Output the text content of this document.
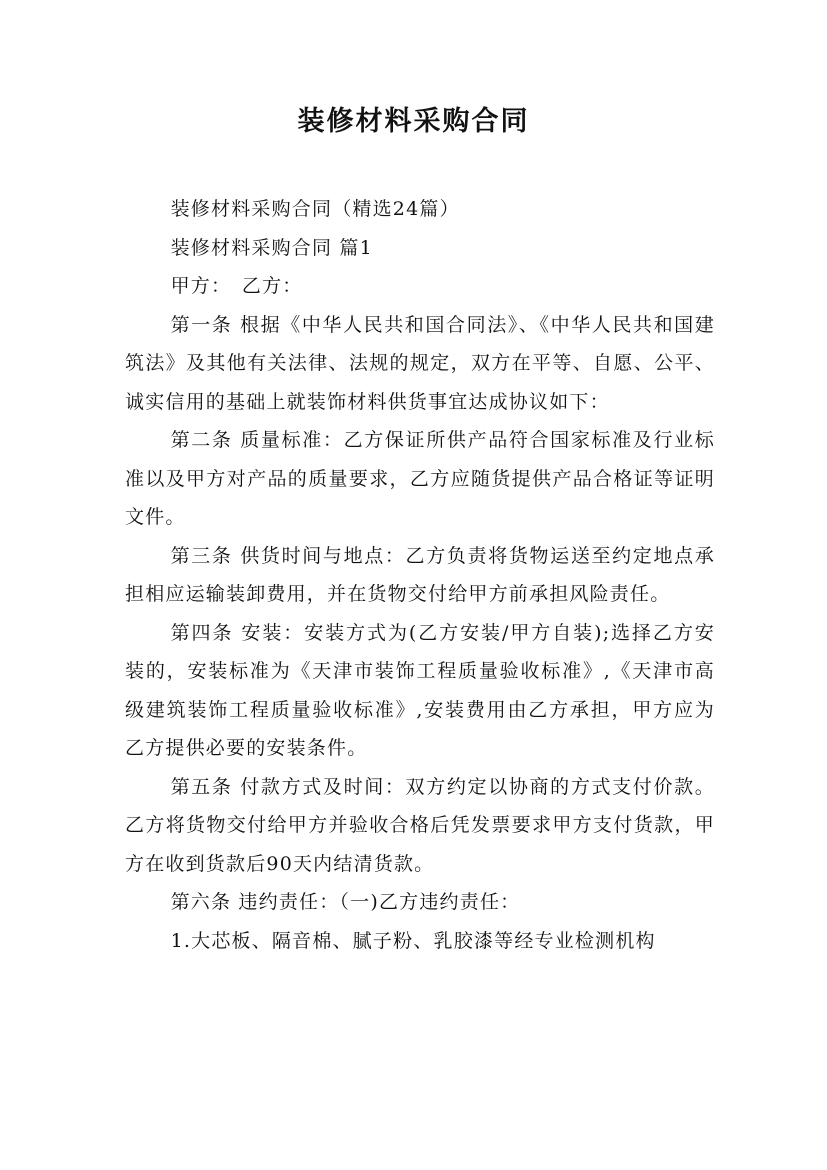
装修材料采购合同

装修材料采购合同（精选24篇）

装修材料采购合同 篇1

甲方：　乙方：

第一条 根据《中华人民共和国合同法》、《中华人民共和国建筑法》及其他有关法律、法规的规定，双方在平等、自愿、公平、诚实信用的基础上就装饰材料供货事宜达成协议如下：

第二条 质量标准：乙方保证所供产品符合国家标准及行业标准以及甲方对产品的质量要求，乙方应随货提供产品合格证等证明文件。

第三条 供货时间与地点：乙方负责将货物运送至约定地点承担相应运输装卸费用，并在货物交付给甲方前承担风险责任。

第四条 安装：安装方式为(乙方安装/甲方自装);选择乙方安装的，安装标准为《天津市装饰工程质量验收标准》,《天津市高级建筑装饰工程质量验收标准》,安装费用由乙方承担，甲方应为乙方提供必要的安装条件。

第五条 付款方式及时间：双方约定以协商的方式支付价款。乙方将货物交付给甲方并验收合格后凭发票要求甲方支付货款，甲方在收到货款后90天内结清货款。

第六条 违约责任：（一)乙方违约责任：

1.大芯板、隔音棉、腻子粉、乳胶漆等经专业检测机构
